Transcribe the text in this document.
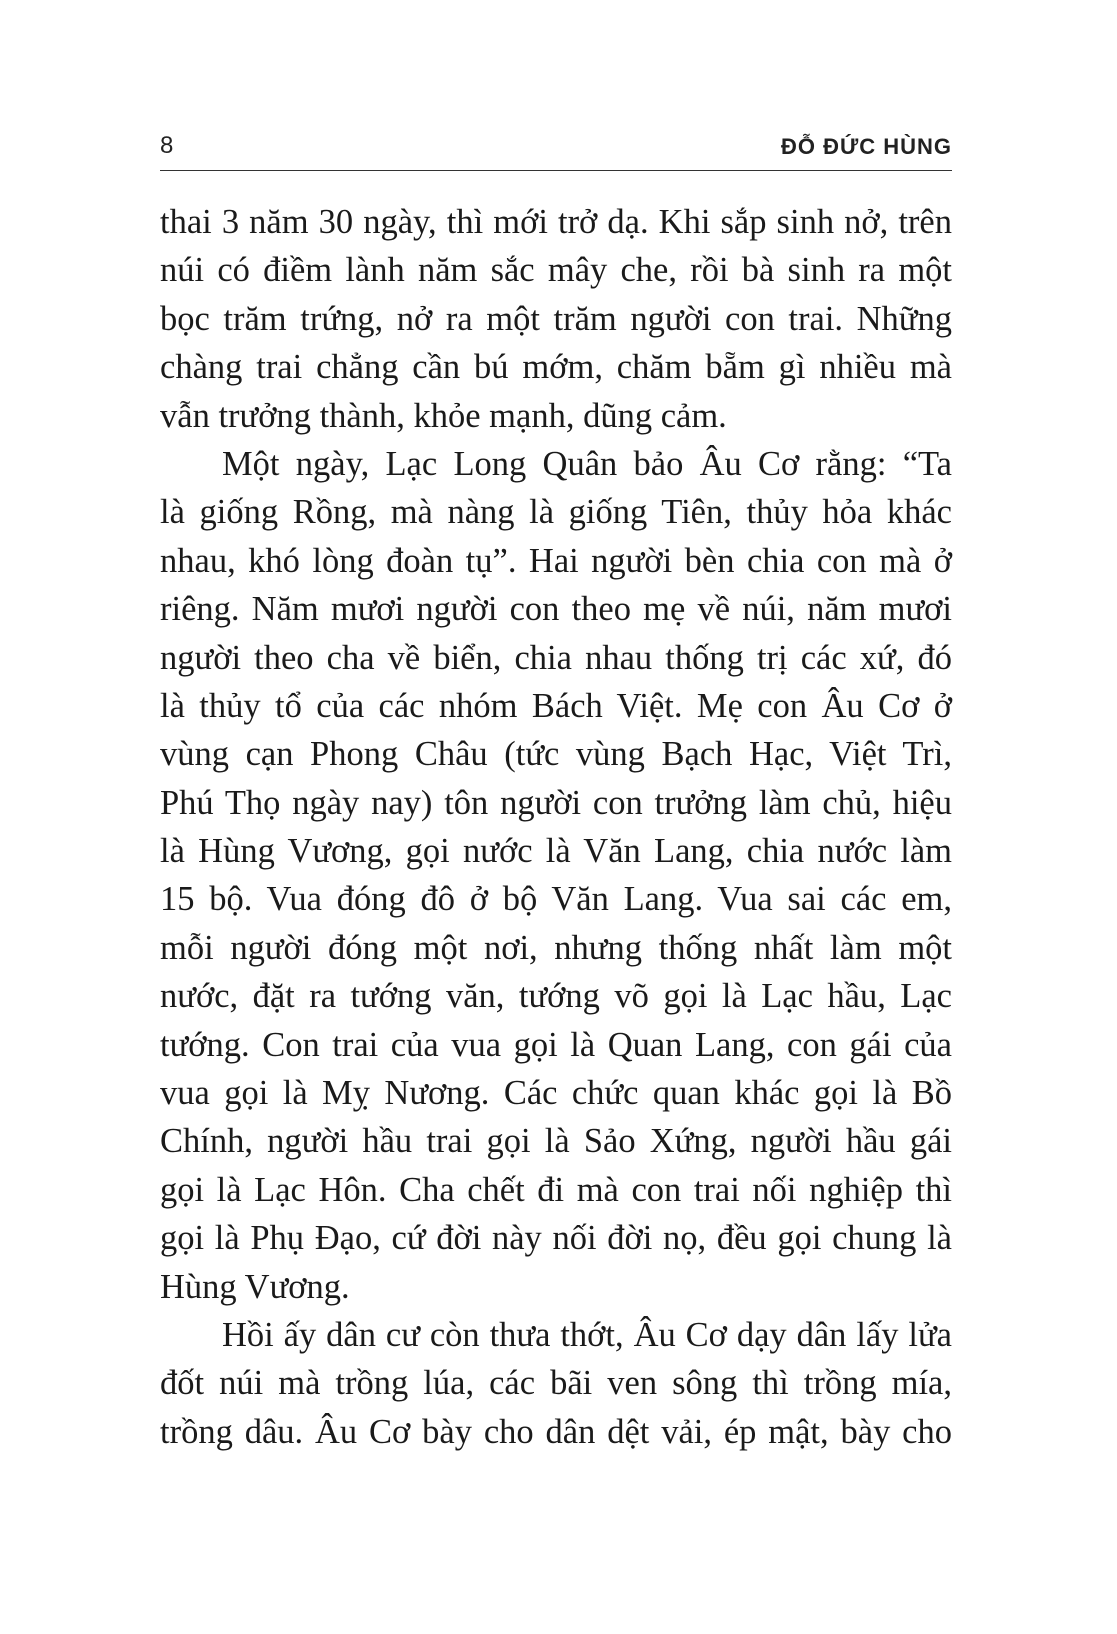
8	ĐỖ ĐỨC HÙNG
thai 3 năm 30 ngày, thì mới trở dạ. Khi sắp sinh nở, trên
núi có điềm lành năm sắc mây che, rồi bà sinh ra một
bọc trăm trứng, nở ra một trăm người con trai. Những
chàng trai chẳng cần bú mớm, chăm bẵm gì nhiều mà
vẫn trưởng thành, khỏe mạnh, dũng cảm.
Một ngày, Lạc Long Quân bảo Âu Cơ rằng: “Ta
là giống Rồng, mà nàng là giống Tiên, thủy hỏa khác
nhau, khó lòng đoàn tụ”. Hai người bèn chia con mà ở
riêng. Năm mươi người con theo mẹ về núi, năm mươi
người theo cha về biển, chia nhau thống trị các xứ, đó
là thủy tổ của các nhóm Bách Việt. Mẹ con Âu Cơ ở
vùng cạn Phong Châu (tức vùng Bạch Hạc, Việt Trì,
Phú Thọ ngày nay) tôn người con trưởng làm chủ, hiệu
là Hùng Vương, gọi nước là Văn Lang, chia nước làm
15 bộ. Vua đóng đô ở bộ Văn Lang. Vua sai các em,
mỗi người đóng một nơi, nhưng thống nhất làm một
nước, đặt ra tướng văn, tướng võ gọi là Lạc hầu, Lạc
tướng. Con trai của vua gọi là Quan Lang, con gái của
vua gọi là Mỵ Nương. Các chức quan khác gọi là Bồ
Chính, người hầu trai gọi là Sảo Xứng, người hầu gái
gọi là Lạc Hôn. Cha chết đi mà con trai nối nghiệp thì
gọi là Phụ Đạo, cứ đời này nối đời nọ, đều gọi chung là
Hùng Vương.
Hồi ấy dân cư còn thưa thớt, Âu Cơ dạy dân lấy lửa
đốt núi mà trồng lúa, các bãi ven sông thì trồng mía,
trồng dâu. Âu Cơ bày cho dân dệt vải, ép mật, bày cho
